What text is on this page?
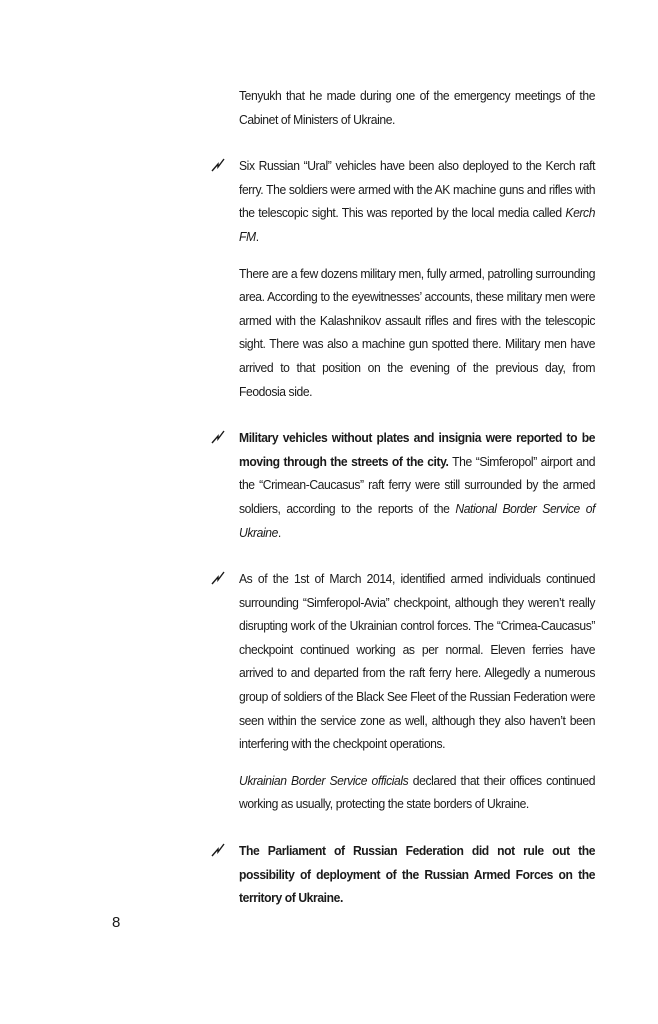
Tenyukh that he made during one of the emergency meetings of the Cabinet of Ministers of Ukraine.

Six Russian “Ural” vehicles have been also deployed to the Kerch raft ferry. The soldiers were armed with the AK machine guns and rifles with the telescopic sight. This was reported by the local media called Kerch FM.

There are a few dozens military men, fully armed, patrolling surrounding area. According to the eyewitnesses’ accounts, these military men were armed with the Kalashnikov assault rifles and fires with the telescopic sight. There was also a machine gun spotted there. Military men have arrived to that position on the evening of the previous day, from Feodosia side.

Military vehicles without plates and insignia were reported to be moving through the streets of the city. The “Simferopol” airport and the “Crimean-Caucasus” raft ferry were still surrounded by the armed soldiers, according to the reports of the National Border Service of Ukraine.

As of the 1st of March 2014, identified armed individuals continued surrounding “Simferopol-Avia” checkpoint, although they weren’t really disrupting work of the Ukrainian control forces. The “Crimea-Caucasus” checkpoint continued working as per normal. Eleven ferries have arrived to and departed from the raft ferry here. Allegedly a numerous group of soldiers of the Black See Fleet of the Russian Federation were seen within the service zone as well, although they also haven’t been interfering with the checkpoint operations.

Ukrainian Border Service officials declared that their offices continued working as usually, protecting the state borders of Ukraine.

The Parliament of Russian Federation did not rule out the possibility of deployment of the Russian Armed Forces on the territory of Ukraine.

8
